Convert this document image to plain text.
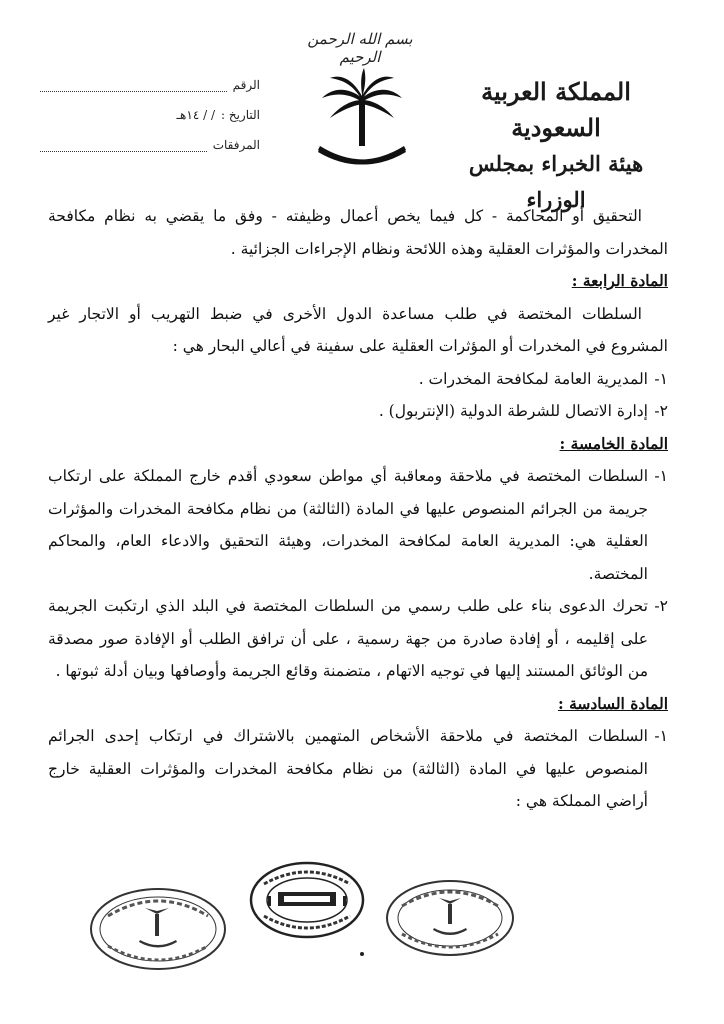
بسم الله الرحمن الرحيم
المملكة العربية السعودية
هيئة الخبراء بمجلس الوزراء
الرقم
التاريخ :
/ / ١٤هـ
المرفقات

التحقيق أو المحاكمة - كل فيما يخص أعمال وظيفته - وفق ما يقضي به نظام مكافحة المخدرات والمؤثرات العقلية وهذه اللائحة ونظام الإجراءات الجزائية .

المادة الرابعة :

السلطات المختصة في طلب مساعدة الدول الأخرى في ضبط التهريب أو الاتجار غير المشروع في المخدرات أو المؤثرات العقلية على سفينة في أعالي البحار هي :

١-
المديرية العامة لمكافحة المخدرات .

٢-
إدارة الاتصال للشرطة الدولية (الإنتربول) .

المادة الخامسة :

١-
السلطات المختصة في ملاحقة ومعاقبة أي مواطن سعودي أقدم خارج المملكة على ارتكاب جريمة من الجرائم المنصوص عليها في المادة (الثالثة) من نظام مكافحة المخدرات والمؤثرات العقلية هي: المديرية العامة لمكافحة المخدرات، وهيئة التحقيق والادعاء العام، والمحاكم المختصة.

٢-
تحرك الدعوى بناء على طلب رسمي من السلطات المختصة في البلد الذي ارتكبت الجريمة على إقليمه ، أو إفادة صادرة من جهة رسمية ، على أن ترافق الطلب أو الإفادة صور مصدقة من الوثائق المستند إليها في توجيه الاتهام ، متضمنة وقائع الجريمة وأوصافها وبيان أدلة ثبوتها .

المادة السادسة :

١-
السلطات المختصة في ملاحقة الأشخاص المتهمين بالاشتراك في ارتكاب إحدى الجرائم المنصوص عليها في المادة (الثالثة) من نظام مكافحة المخدرات والمؤثرات العقلية خارج أراضي المملكة هي :
